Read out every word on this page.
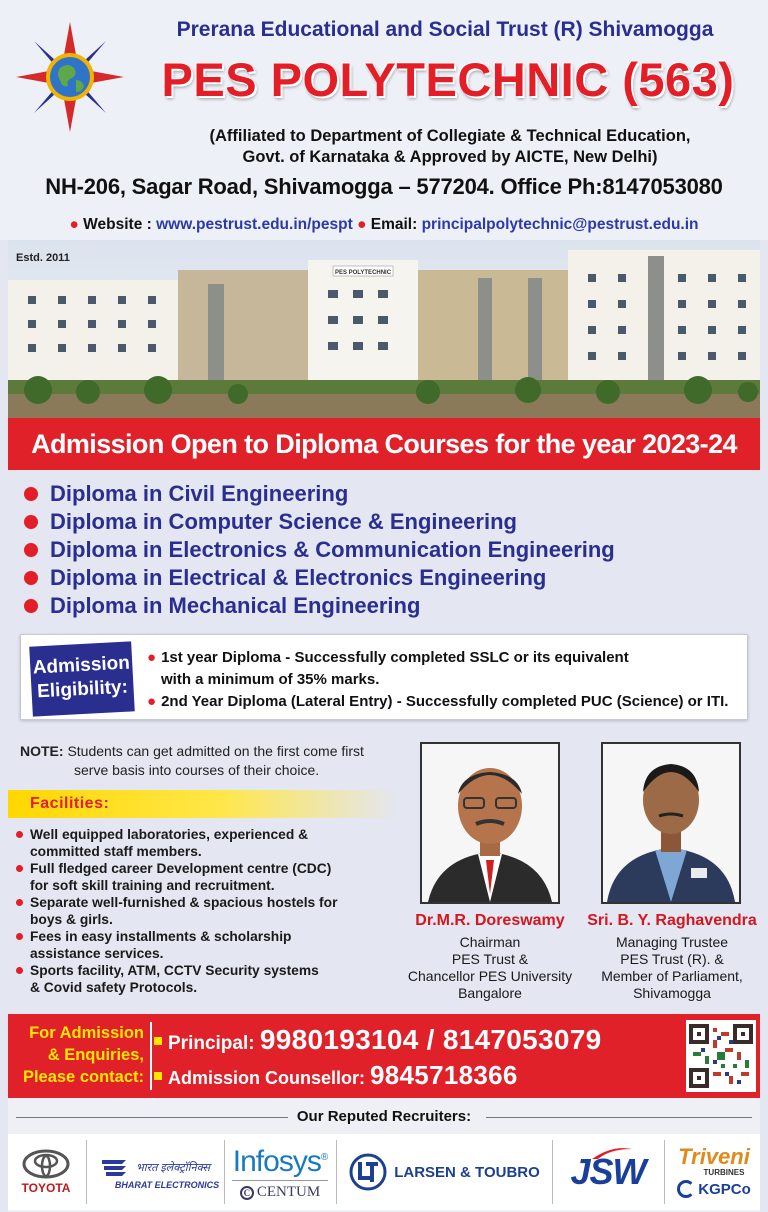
Prerana Educational and Social Trust (R) Shivamogga
PES POLYTECHNIC (563)
(Affiliated to Department of Collegiate & Technical Education,
Govt. of Karnataka & Approved by AICTE, New Delhi)
NH-206, Sagar Road, Shivamogga – 577204. Office Ph:8147053080
● Website : www.pestrust.edu.in/pespt ● Email: principalpolytechnic@pestrust.edu.in
PES POLYTECHNIC
Estd. 2011
Admission Open to Diploma Courses for the year 2023-24
Diploma in Civil Engineering
Diploma in Computer Science & Engineering
Diploma in Electronics & Communication Engineering
Diploma in Electrical & Electronics Engineering
Diploma in Mechanical Engineering
Admission
Eligibility:
● 1st year Diploma - Successfully completed SSLC or its equivalent
with a minimum of 35% marks.
● 2nd Year Diploma (Lateral Entry) - Successfully completed PUC (Science) or ITI.
NOTE: Students can get admitted on the first come first
serve basis into courses of their choice.
Facilities:
Well equipped laboratories, experienced &
committed staff members.
Full fledged career Development centre (CDC)
for soft skill training and recruitment.
Separate well-furnished & spacious hostels for
boys & girls.
Fees in easy installments & scholarship
assistance services.
Sports facility, ATM, CCTV Security systems
& Covid safety Protocols.
Dr.M.R. Doreswamy
Chairman
PES Trust &
Chancellor PES University
Bangalore
Sri. B. Y. Raghavendra
Managing Trustee
PES Trust (R). &
Member of Parliament,
Shivamogga
For Admission
& Enquiries,
Please contact:
Principal: 9980193104 / 8147053079
Admission Counsellor: 9845718366
Our Reputed Recruiters:
TOYOTA
भारत इलेक्ट्रॉनिक्स
BHARAT ELECTRONICS
Infosys®
C CENTUM
LARSEN & TOUBRO JSW Triveni
TURBINES
KGPCo
